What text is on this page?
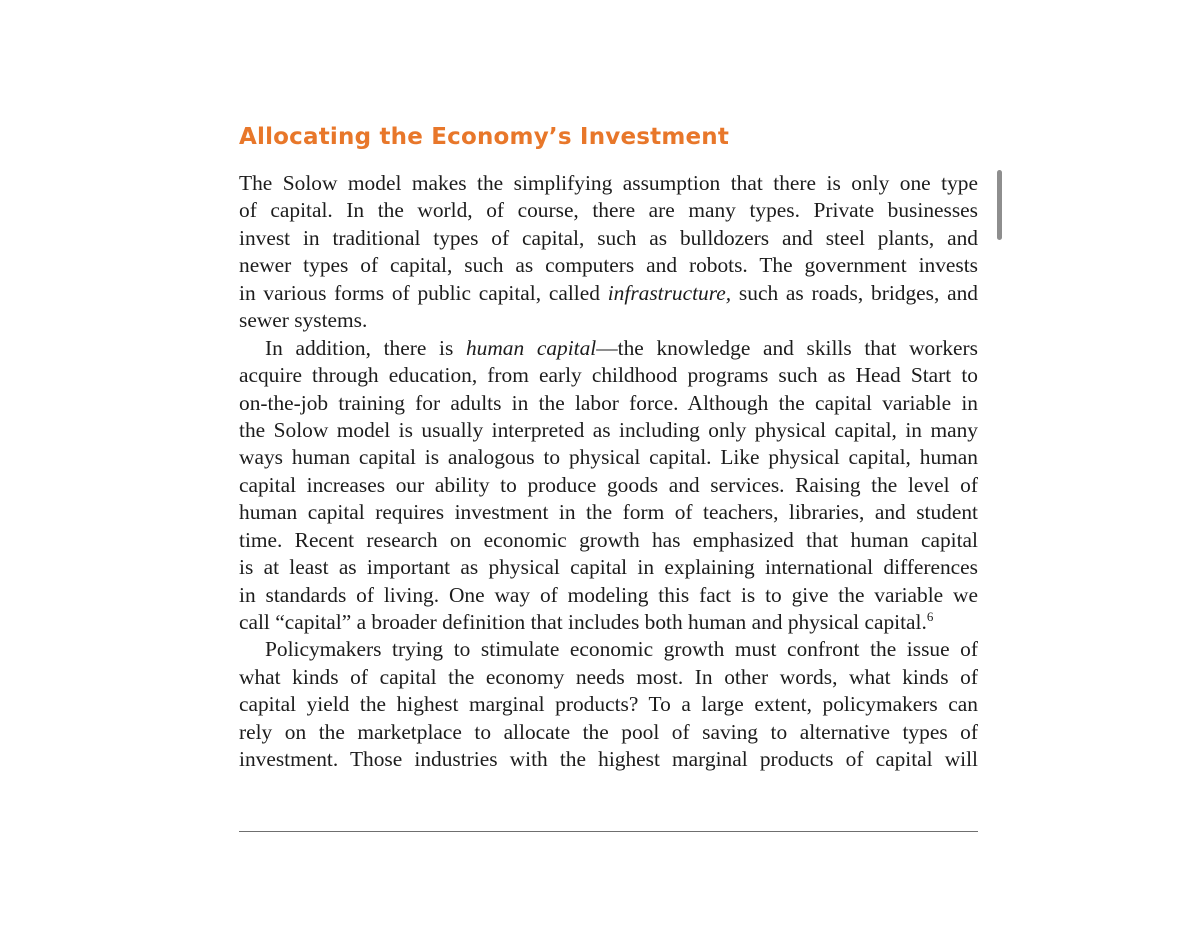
Allocating the Economy’s Investment
The Solow model makes the simplifying assumption that there is only one type
of capital. In the world, of course, there are many types. Private businesses
invest in traditional types of capital, such as bulldozers and steel plants, and
newer types of capital, such as computers and robots. The government invests
in various forms of public capital, called infrastructure, such as roads, bridges, and
sewer systems.
In addition, there is human capital—the knowledge and skills that workers
acquire through education, from early childhood programs such as Head Start to
on-the-job training for adults in the labor force. Although the capital variable in
the Solow model is usually interpreted as including only physical capital, in many
ways human capital is analogous to physical capital. Like physical capital, human
capital increases our ability to produce goods and services. Raising the level of
human capital requires investment in the form of teachers, libraries, and student
time. Recent research on economic growth has emphasized that human capital
is at least as important as physical capital in explaining international differences
in standards of living. One way of modeling this fact is to give the variable we
call “capital” a broader definition that includes both human and physical capital.$^6$
Policymakers trying to stimulate economic growth must confront the issue of
what kinds of capital the economy needs most. In other words, what kinds of
capital yield the highest marginal products? To a large extent, policymakers can
rely on the marketplace to allocate the pool of saving to alternative types of
investment. Those industries with the highest marginal products of capital will
